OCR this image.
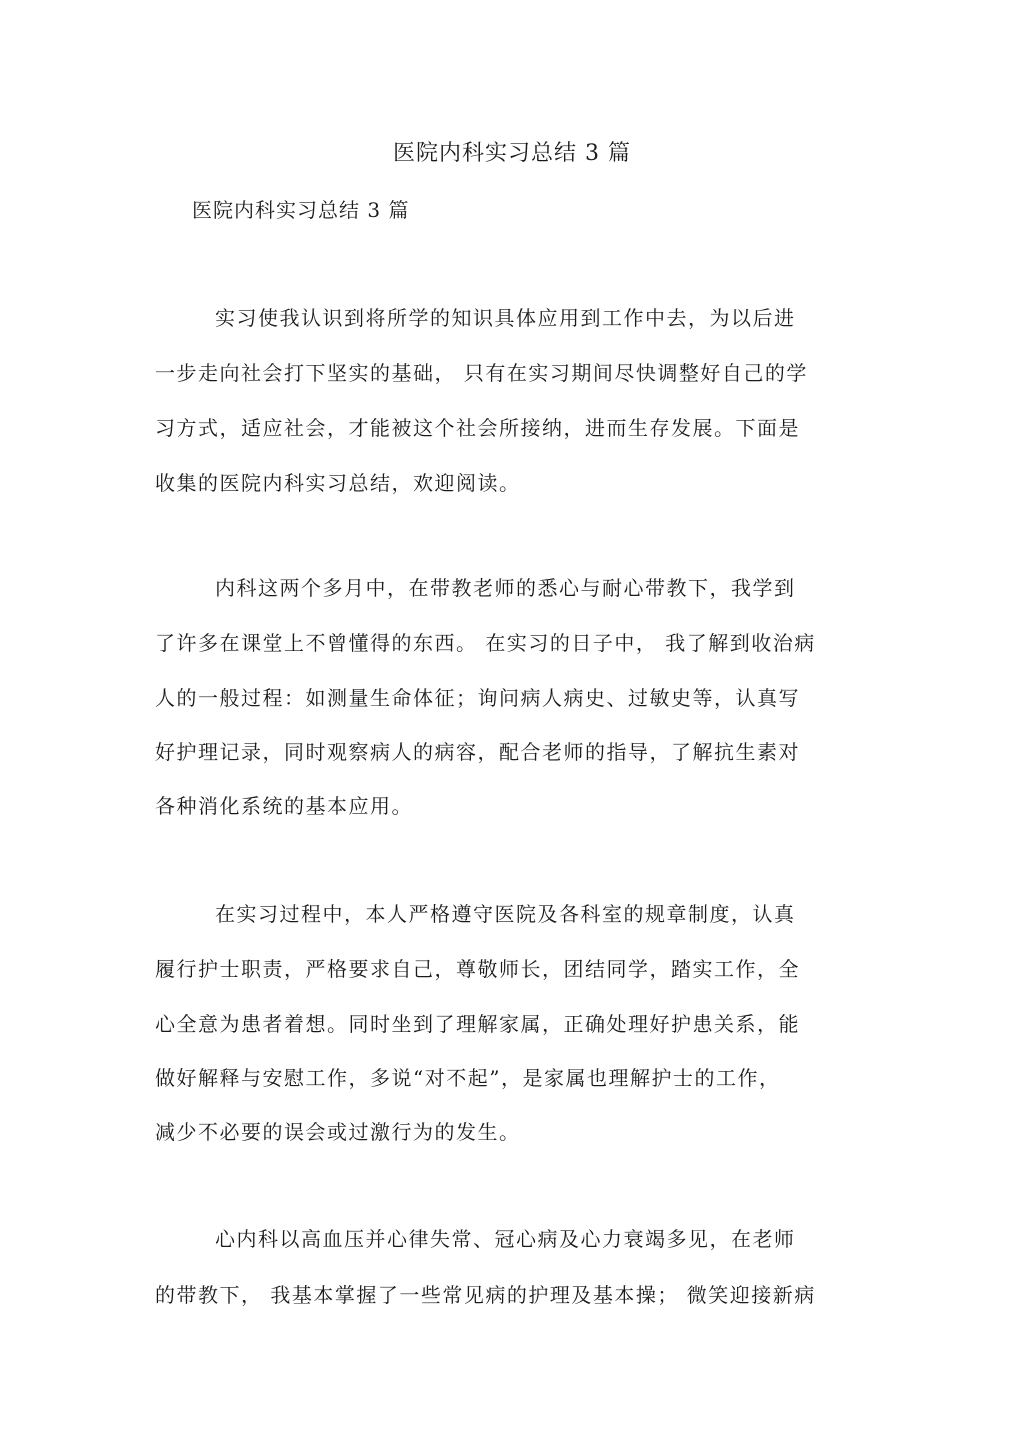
医院内科实习总结 3 篇
医院内科实习总结 3 篇
实习使我认识到将所学的知识具体应用到工作中去，为以后进
一步走向社会打下坚实的基础， 只有在实习期间尽快调整好自己的学
习方式，适应社会，才能被这个社会所接纳，进而生存发展。下面是
收集的医院内科实习总结，欢迎阅读。
内科这两个多月中，在带教老师的悉心与耐心带教下，我学到
了许多在课堂上不曾懂得的东西。 在实习的日子中， 我了解到收治病
人的一般过程：如测量生命体征；询问病人病史、过敏史等，认真写
好护理记录，同时观察病人的病容，配合老师的指导，了解抗生素对
各种消化系统的基本应用。
在实习过程中，本人严格遵守医院及各科室的规章制度，认真
履行护士职责，严格要求自己，尊敬师长，团结同学，踏实工作，全
心全意为患者着想。同时坐到了理解家属，正确处理好护患关系，能
做好解释与安慰工作，多说“对不起”，是家属也理解护士的工作，
减少不必要的误会或过激行为的发生。
心内科以高血压并心律失常、冠心病及心力衰竭多见，在老师
的带教下， 我基本掌握了一些常见病的护理及基本操； 微笑迎接新病
